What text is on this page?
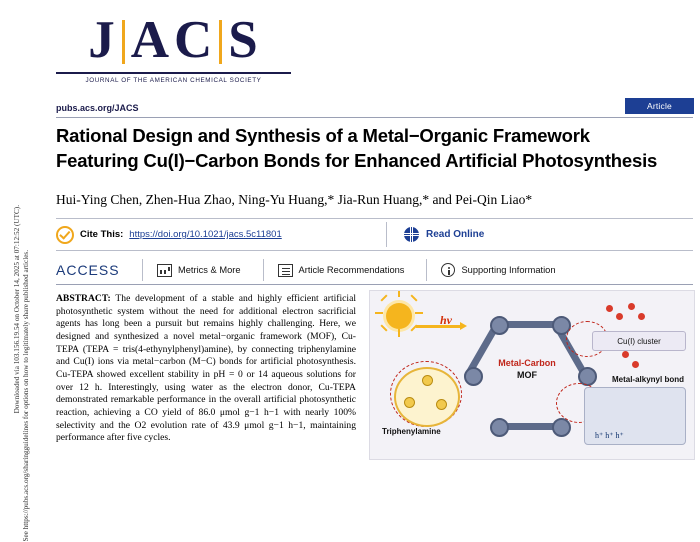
Downloaded via 103.156.19.54 on October 14, 2025 at 07:12:52 (UTC). See https://pubs.acs.org/sharingguidelines for options on how to legitimately share published articles.
J A C S
JOURNAL OF THE AMERICAN CHEMICAL SOCIETY
pubs.acs.org/JACS	Article
Rational Design and Synthesis of a Metal−Organic Framework Featuring Cu(I)−Carbon Bonds for Enhanced Artificial Photosynthesis
Hui-Ying Chen, Zhen-Hua Zhao, Ning-Yu Huang,* Jia-Run Huang,* and Pei-Qin Liao*
Cite This: https://doi.org/10.1021/jacs.5c11801	Read Online
ACCESS	Metrics & More	Article Recommendations	Supporting Information
ABSTRACT: The development of a stable and highly efficient artificial photosynthetic system without the need for additional electron sacrificial agents has long been a pursuit but remains highly challenging. Here, we designed and synthesized a novel metal−organic framework (MOF), Cu-TEPA (TEPA = tris(4-ethynylphenyl)amine), by connecting triphenylamine and Cu(I) ions via metal−carbon (M−C) bonds for artificial photosynthesis. Cu-TEPA showed excellent stability in pH = 0 or 14 aqueous solutions for over 12 h. Interestingly, using water as the electron donor, Cu-TEPA demonstrated remarkable performance in the overall artificial photosynthetic reaction, achieving a CO yield of 86.0 μmol g−1 h−1 with nearly 100% selectivity and the O2 evolution rate of 43.9 μmol g−1 h−1, maintaining performance after five cycles.
hν
Metal-Carbon
MOF
Triphenylamine
Cu(I) cluster
Metal-alkynyl bond
h⁺ h⁺ h⁺
